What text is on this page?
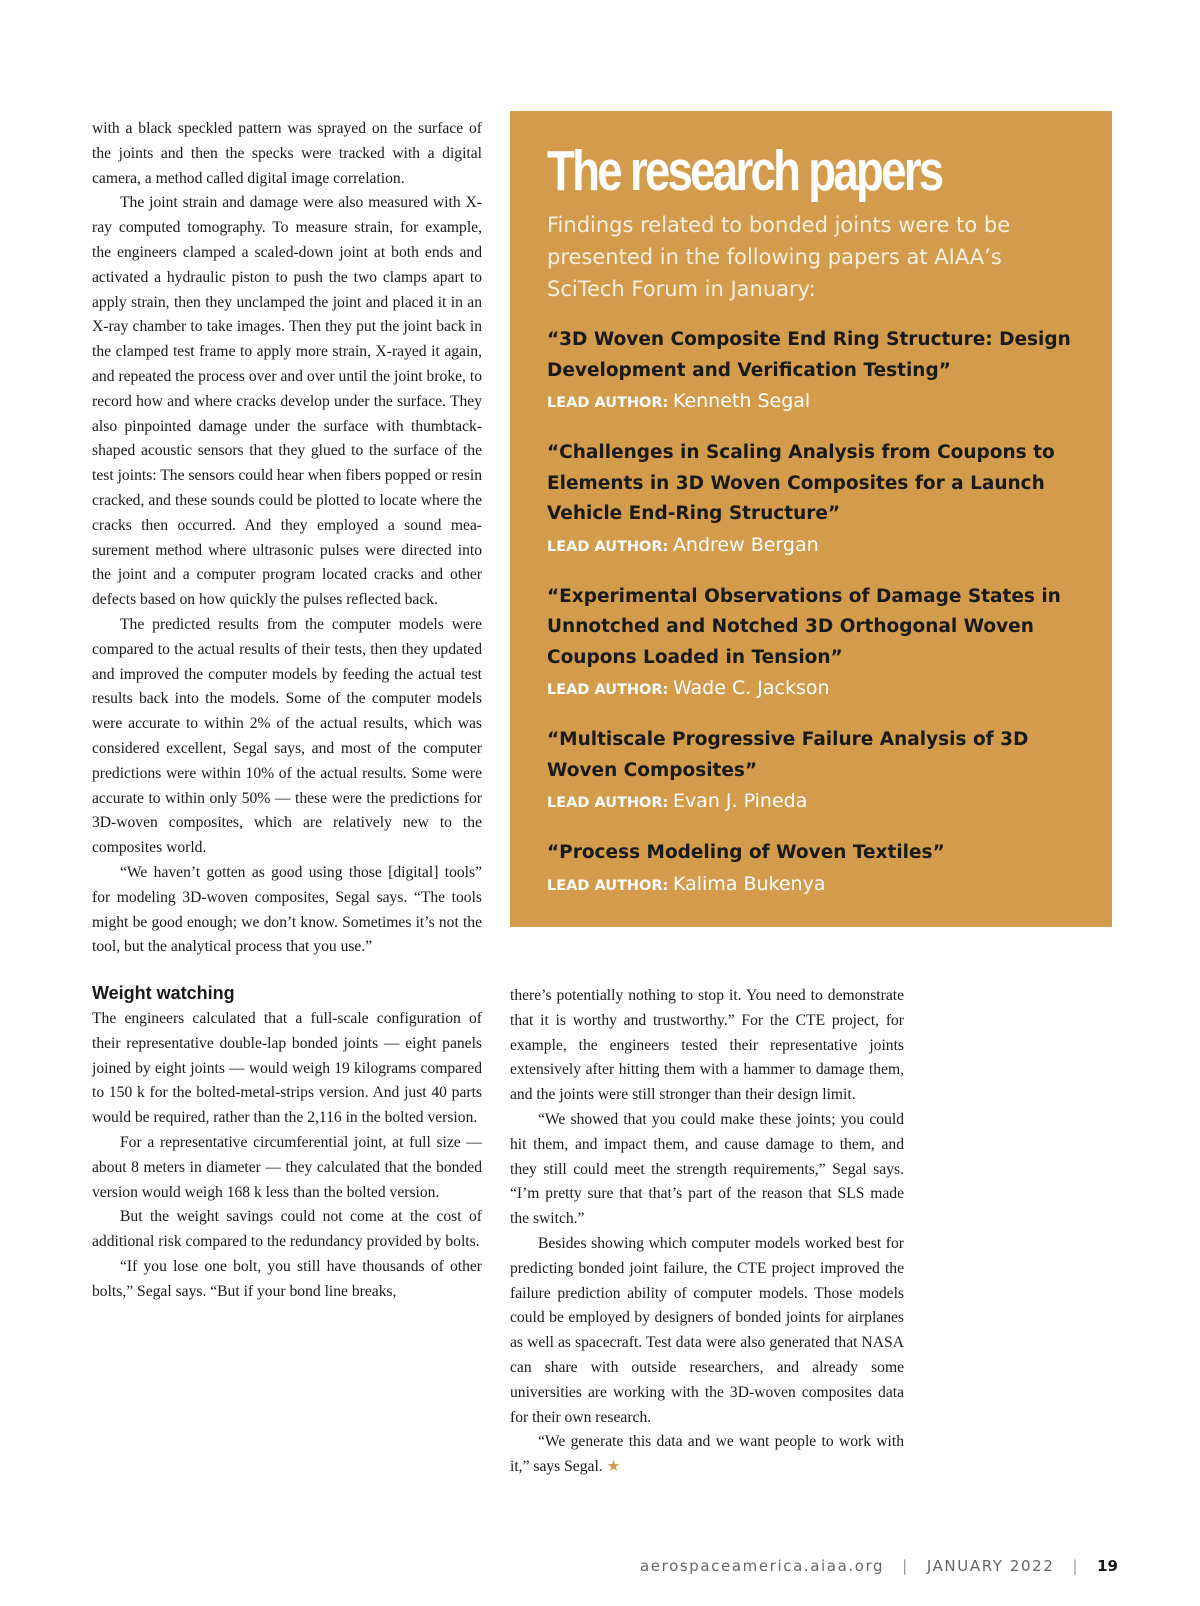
with a black speckled pattern was sprayed on the surface of the joints and then the specks were tracked with a digital camera, a method called digital image correlation.

The joint strain and damage were also measured with X-ray computed tomography. To measure strain, for example, the engineers clamped a scaled-down joint at both ends and activated a hydraulic piston to push the two clamps apart to apply strain, then they unclamped the joint and placed it in an X-ray chamber to take images. Then they put the joint back in the clamped test frame to apply more strain, X-rayed it again, and repeated the process over and over until the joint broke, to record how and where cracks develop under the surface. They also pinpointed damage under the surface with thumbtack-shaped acoustic sensors that they glued to the surface of the test joints: The sensors could hear when fibers popped or resin cracked, and these sounds could be plotted to locate where the cracks then occurred. And they employed a sound measurement method where ultrasonic pulses were directed into the joint and a computer program located cracks and other defects based on how quickly the pulses reflected back.

The predicted results from the computer models were compared to the actual results of their tests, then they updated and improved the computer models by feeding the actual test results back into the models. Some of the computer models were accurate to within 2% of the actual results, which was considered excellent, Segal says, and most of the computer predictions were within 10% of the actual results. Some were accurate to within only 50% — these were the predictions for 3D-woven composites, which are relatively new to the composites world.

“We haven’t gotten as good using those [digital] tools” for modeling 3D-woven composites, Segal says. “The tools might be good enough; we don’t know. Sometimes it’s not the tool, but the analytical process that you use.”

Weight watching

The engineers calculated that a full-scale configuration of their representative double-lap bonded joints — eight panels joined by eight joints — would weigh 19 kilograms compared to 150 k for the bolted-metal-strips version. And just 40 parts would be required, rather than the 2,116 in the bolted version.

For a representative circumferential joint, at full size — about 8 meters in diameter — they calculated that the bonded version would weigh 168 k less than the bolted version.

But the weight savings could not come at the cost of additional risk compared to the redundancy provided by bolts.

“If you lose one bolt, you still have thousands of other bolts,” Segal says. “But if your bond line breaks,

The research papers

Findings related to bonded joints were to be presented in the following papers at AIAA’s SciTech Forum in January:

“3D Woven Composite End Ring Structure: Design Development and Verification Testing”
LEAD AUTHOR: Kenneth Segal
“Challenges in Scaling Analysis from Coupons to Elements in 3D Woven Composites for a Launch Vehicle End-Ring Structure”
LEAD AUTHOR: Andrew Bergan
“Experimental Observations of Damage States in Unnotched and Notched 3D Orthogonal Woven Coupons Loaded in Tension”
LEAD AUTHOR: Wade C. Jackson
“Multiscale Progressive Failure Analysis of 3D Woven Composites”
LEAD AUTHOR: Evan J. Pineda
“Process Modeling of Woven Textiles”
LEAD AUTHOR: Kalima Bukenya

there’s potentially nothing to stop it. You need to demonstrate that it is worthy and trustworthy.” For the CTE project, for example, the engineers tested their representative joints extensively after hitting them with a hammer to damage them, and the joints were still stronger than their design limit.

“We showed that you could make these joints; you could hit them, and impact them, and cause damage to them, and they still could meet the strength requirements,” Segal says. “I’m pretty sure that that’s part of the reason that SLS made the switch.”

Besides showing which computer models worked best for predicting bonded joint failure, the CTE project improved the failure prediction ability of computer models. Those models could be employed by designers of bonded joints for airplanes as well as spacecraft. Test data were also generated that NASA can share with outside researchers, and already some universities are working with the 3D-woven composites data for their own research.

“We generate this data and we want people to work with it,” says Segal. ★

aerospaceamerica.aiaa.org | JANUARY 2022 | 19
